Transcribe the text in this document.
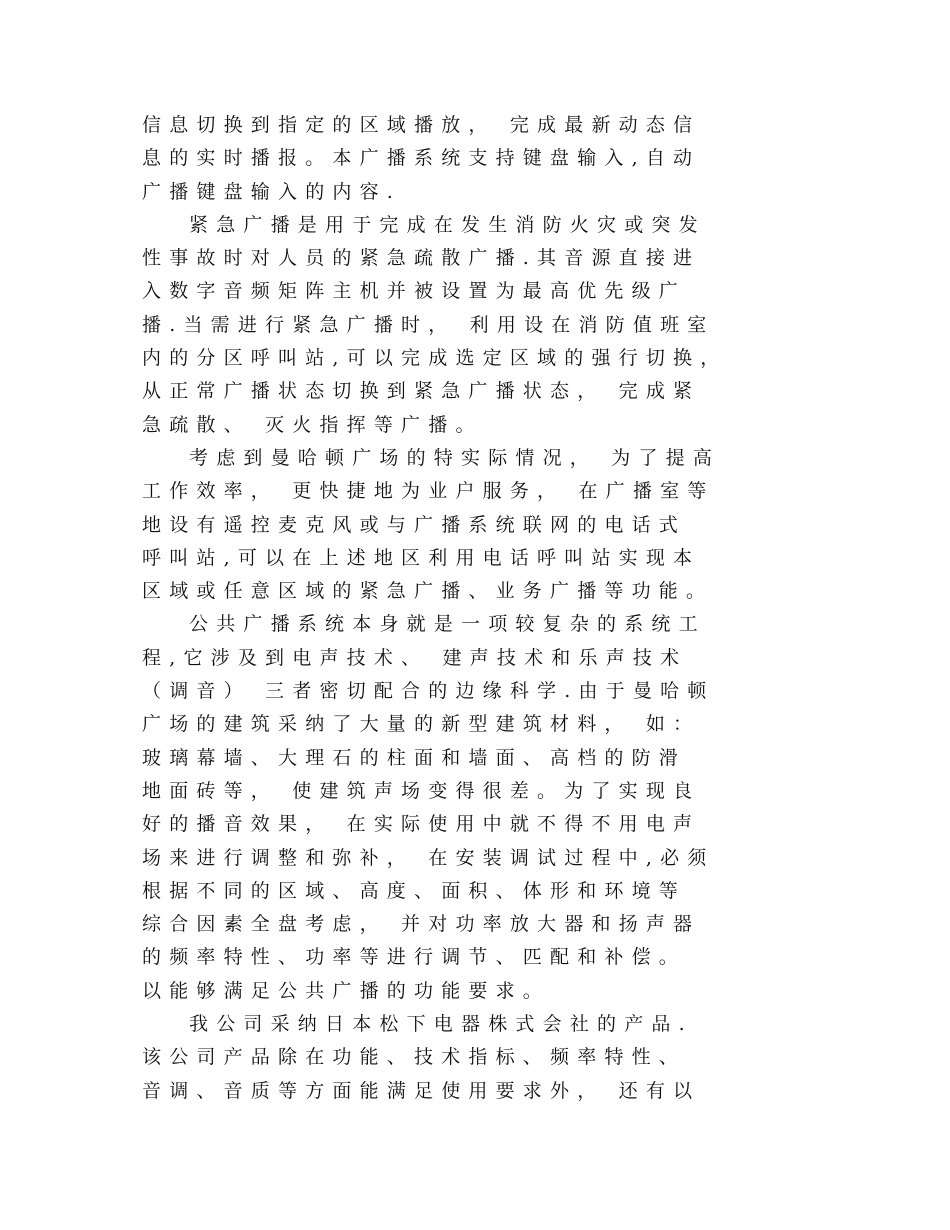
信息切换到指定的区域播放， 完成最新动态信
息的实时播报。本广播系统支持键盘输入,自动
广播键盘输入的内容.
紧急广播是用于完成在发生消防火灾或突发
性事故时对人员的紧急疏散广播.其音源直接进
入数字音频矩阵主机并被设置为最高优先级广
播.当需进行紧急广播时， 利用设在消防值班室
内的分区呼叫站,可以完成选定区域的强行切换，
从正常广播状态切换到紧急广播状态， 完成紧
急疏散、 灭火指挥等广播。
考虑到曼哈顿广场的特实际情况， 为了提高
工作效率， 更快捷地为业户服务， 在广播室等
地设有遥控麦克风或与广播系统联网的电话式
呼叫站,可以在上述地区利用电话呼叫站实现本
区域或任意区域的紧急广播、业务广播等功能。
公共广播系统本身就是一项较复杂的系统工
程,它涉及到电声技术、 建声技术和乐声技术
（调音） 三者密切配合的边缘科学.由于曼哈顿
广场的建筑采纳了大量的新型建筑材料， 如：
玻璃幕墙、大理石的柱面和墙面、高档的防滑
地面砖等， 使建筑声场变得很差。为了实现良
好的播音效果， 在实际使用中就不得不用电声
场来进行调整和弥补， 在安装调试过程中,必须
根据不同的区域、高度、面积、体形和环境等
综合因素全盘考虑， 并对功率放大器和扬声器
的频率特性、功率等进行调节、匹配和补偿。
以能够满足公共广播的功能要求。
我公司采纳日本松下电器株式会社的产品.
该公司产品除在功能、技术指标、频率特性、
音调、音质等方面能满足使用要求外， 还有以
